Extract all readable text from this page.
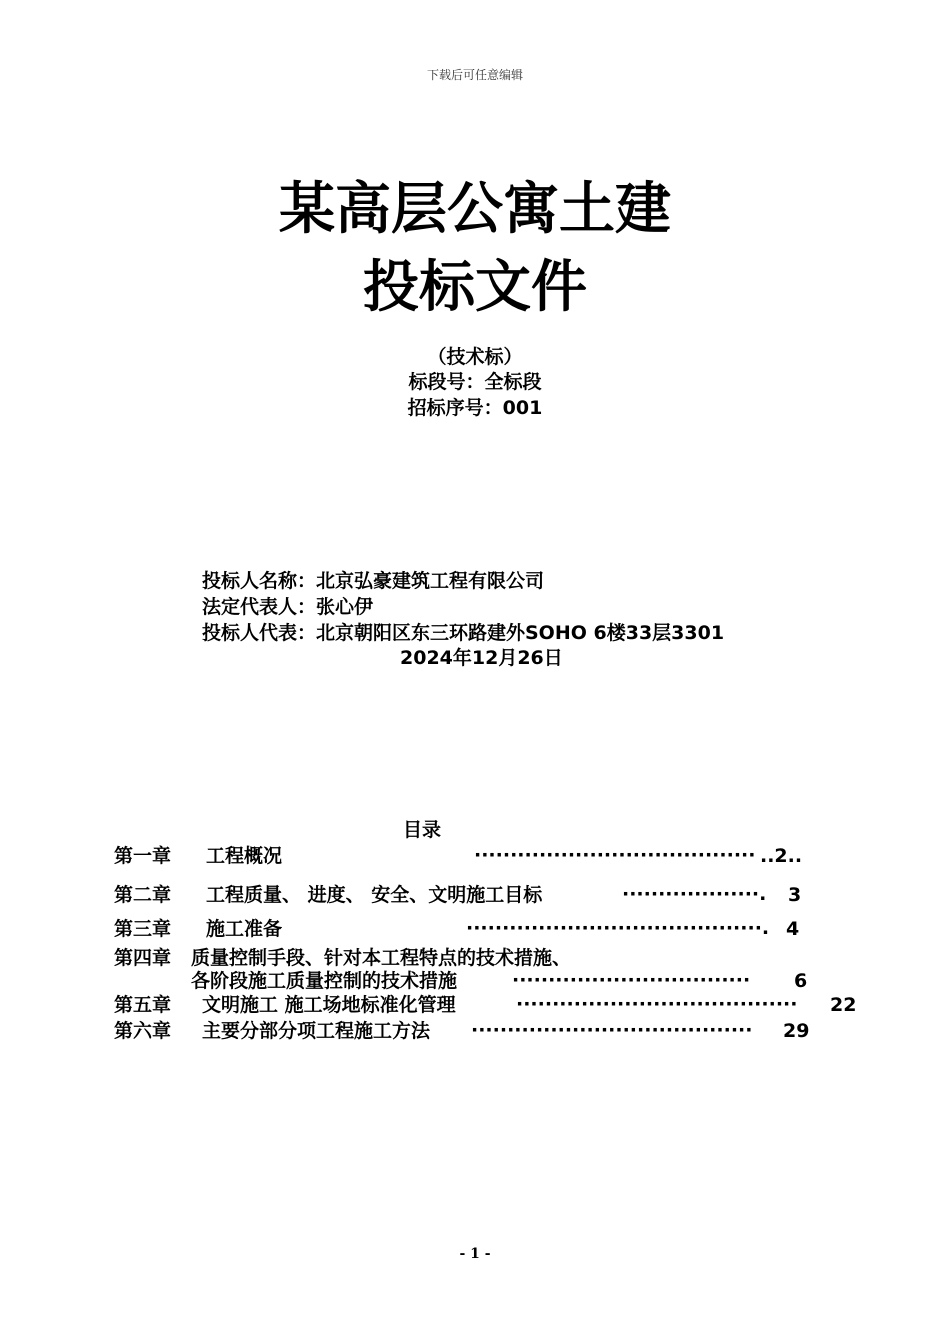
下载后可任意编辑
某高层公寓土建
投标文件
（技术标）
标段号：全标段
招标序号：001
投标人名称：北京弘豪建筑工程有限公司
法定代表人：张心伊
投标人代表：北京朝阳区东三环路建外SOHO 6楼33层3301
2024年12月26日
目录
第一章 工程概况	······································· ..2..
第二章 工程质量、 进度、 安全、文明施工目标	···················. 3
第三章 施工准备	·········································. 4
第四章 质量控制手段、针对本工程特点的技术措施、
各阶段施工质量控制的技术措施	································· 6
第五章 文明施工 施工场地标准化管理	······································· 22
第六章 主要分部分项工程施工方法 ······································· 29
- 1 -
